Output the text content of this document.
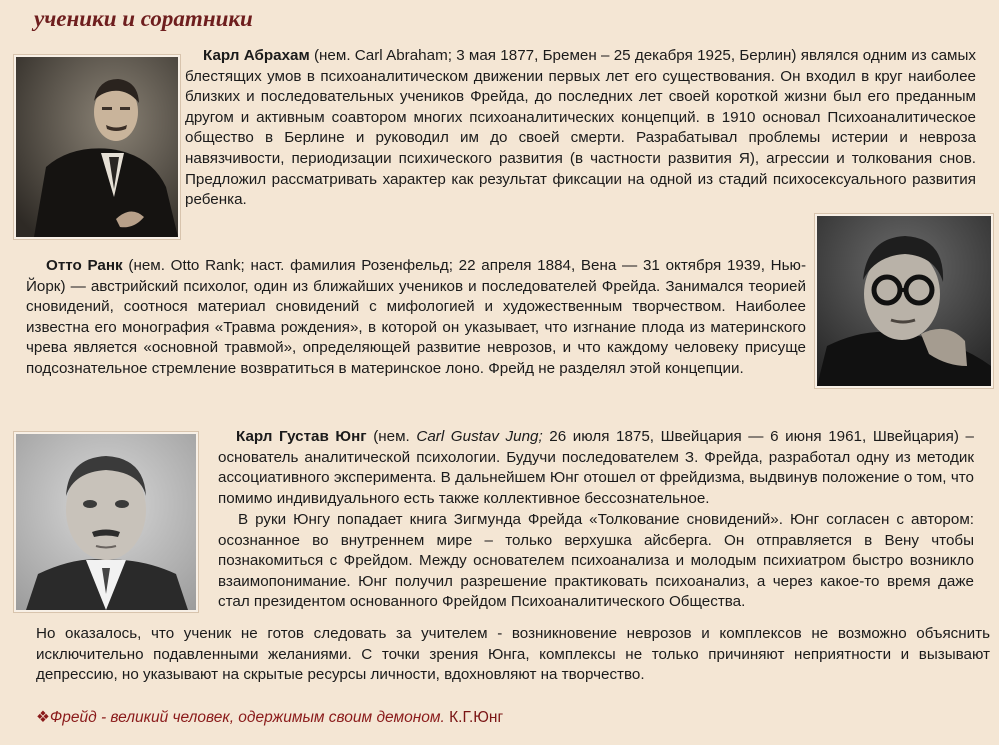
ученики и соратники
Карл Абрахам (нем. Carl Abraham; 3 мая 1877, Бремен – 25 декабря 1925, Берлин) являлся одним из самых блестящих умов в психоаналитическом движении первых лет его существования. Он входил в круг наиболее близких и последовательных учеников Фрейда, до последних лет своей короткой жизни был его преданным другом и активным соавтором многих психоаналитических концепций. в 1910 основал Психоаналитическое общество в Берлине и руководил им до своей смерти. Разрабатывал проблемы истерии и невроза навязчивости, периодизации психического развития (в частности развития Я), агрессии и толкования снов. Предложил рассматривать характер как результат фиксации на одной из стадий психосексуального развития ребенка.
Отто Ранк (нем. Otto Rank; наст. фамилия Розенфельд; 22 апреля 1884, Вена — 31 октября 1939, Нью-Йорк) — австрийский психолог, один из ближайших учеников и последователей Фрейда. Занимался теорией сновидений, соотнося материал сновидений с мифологией и художественным творчеством. Наиболее известна его монография «Травма рождения», в которой он указывает, что изгнание плода из материнского чрева является «основной травмой», определяющей развитие неврозов, и что каждому человеку присуще подсознательное стремление возвратиться в материнское лоно. Фрейд не разделял этой концепции.
Карл Густав Юнг (нем. Carl Gustav Jung; 26 июля 1875, Швейцария — 6 июня 1961, Швейцария) – основатель аналитической психологии. Будучи последователем З. Фрейда, разработал одну из методик ассоциативного эксперимента. В дальнейшем Юнг отошел от фрейдизма, выдвинув положение о том, что помимо индивидуального есть также коллективное бессознательное.
В руки Юнгу попадает книга Зигмунда Фрейда «Толкование сновидений». Юнг согласен с автором: осознанное во внутреннем мире – только верхушка айсберга. Он отправляется в Вену чтобы познакомиться с Фрейдом. Между основателем психоанализа и молодым психиатром быстро возникло взаимопонимание. Юнг получил разрешение практиковать психоанализ, а через какое-то время даже стал президентом основанного Фрейдом Психоаналитического Общества.
Но оказалось, что ученик не готов следовать за учителем - возникновение неврозов и комплексов не возможно объяснить исключительно подавленными желаниями. С точки зрения Юнга, комплексы не только причиняют неприятности и вызывают депрессию, но указывают на скрытые ресурсы личности, вдохновляют на творчество.
❖Фрейд - великий человек, одержимым своим демоном. К.Г.Юнг
